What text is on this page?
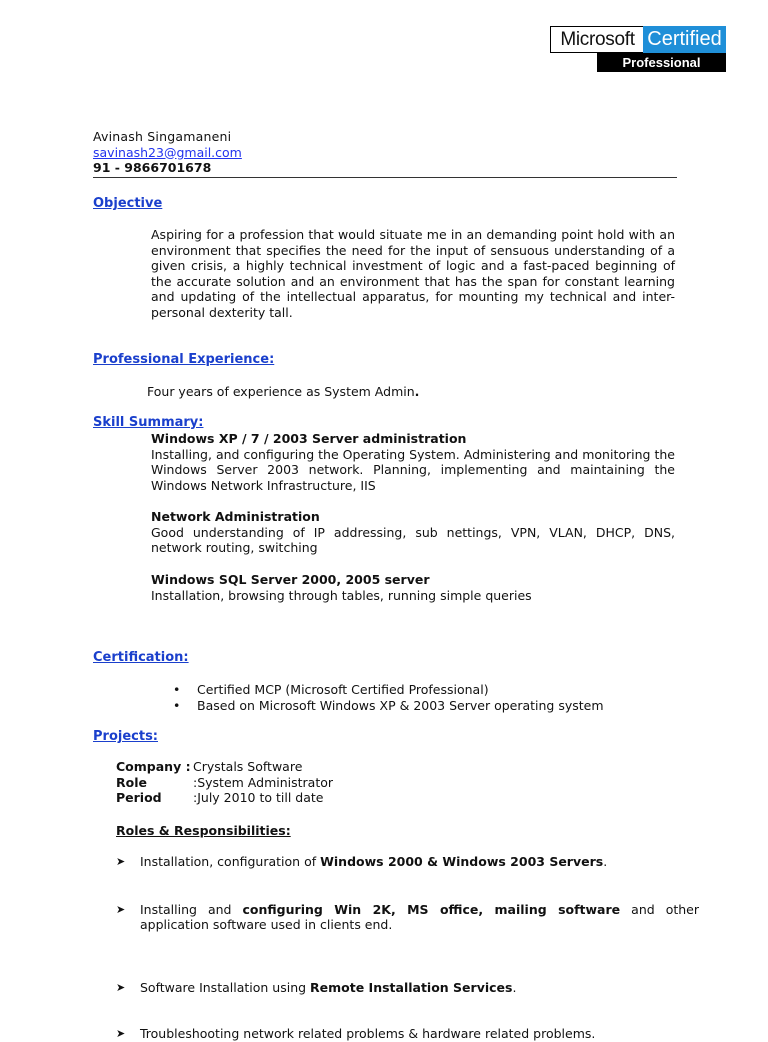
Microsoft Certified
Professional
Avinash Singamaneni
savinash23@gmail.com
91 - 9866701678
Objective
Aspiring for a profession that would situate me in an demanding point hold with an environment that specifies the need for the input of sensuous understanding of a given crisis, a highly technical investment of logic and a fast-paced beginning of the accurate solution and an environment that has the span for constant learning and updating of the intellectual apparatus, for mounting my technical and inter-personal dexterity tall.
Professional Experience:
Four years of experience as System Admin.
Skill Summary:
Windows XP / 7 / 2003 Server administration
Installing, and configuring the Operating System. Administering and monitoring the Windows Server 2003 network. Planning, implementing and maintaining the Windows Network Infrastructure, IIS
Network Administration
Good understanding of IP addressing, sub nettings, VPN, VLAN, DHCP, DNS, network routing, switching
Windows SQL Server 2000, 2005 server
Installation, browsing through tables, running simple queries
Certification:
• Certified MCP (Microsoft Certified Professional)
• Based on Microsoft Windows XP & 2003 Server operating system
Projects:
Company :	Crystals Software
Role	:System Administrator
Period	:July 2010 to till date
Roles & Responsibilities:
➤ Installation, configuration of Windows 2000 & Windows 2003 Servers.
➤ Installing and configuring Win 2K, MS office, mailing software and other application software used in clients end.
➤ Software Installation using Remote Installation Services.
➤ Troubleshooting network related problems & hardware related problems.
